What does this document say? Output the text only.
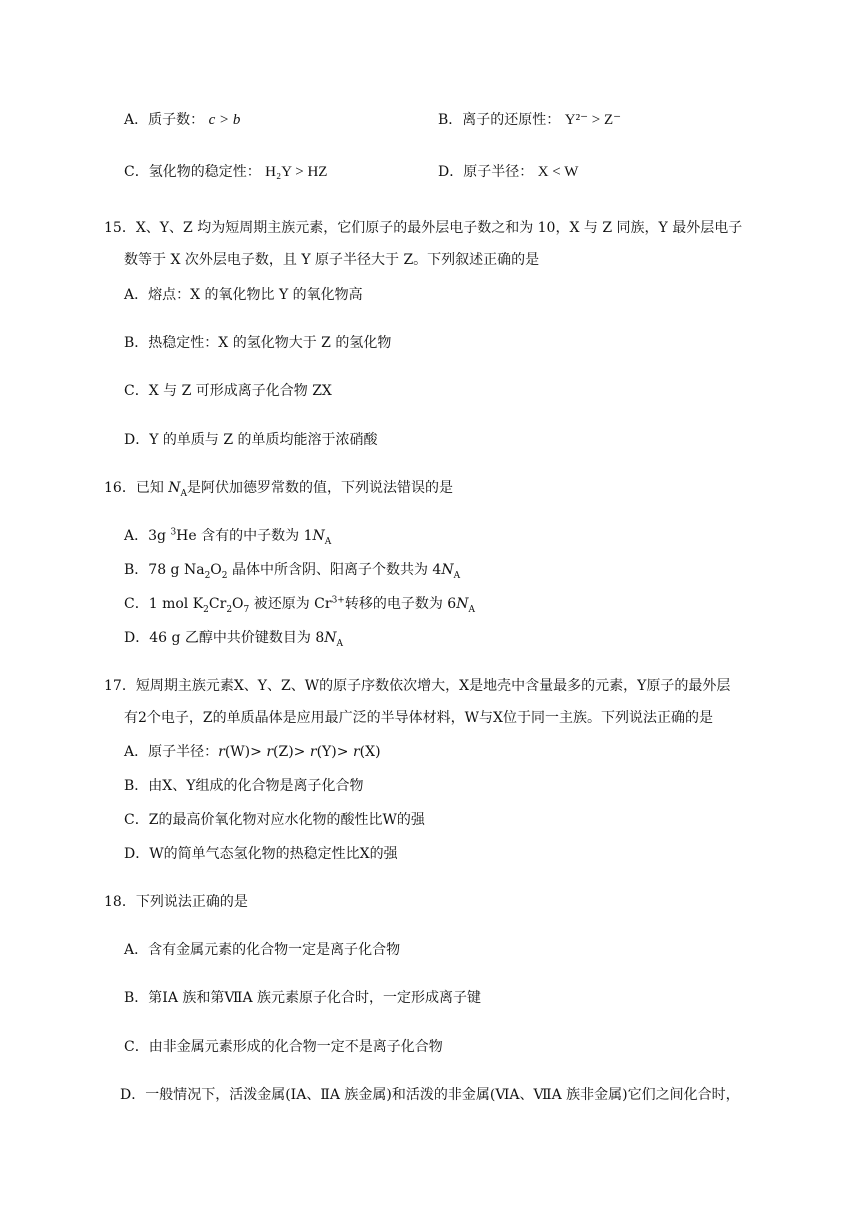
A．质子数： c > b	B．离子的还原性： Y²⁻ > Z⁻
C．氢化物的稳定性： H₂Y > HZ	D．原子半径： X < W
15．X、Y、Z 均为短周期主族元素，它们原子的最外层电子数之和为 10，X 与 Z 同族，Y 最外层电子
数等于 X 次外层电子数，且 Y 原子半径大于 Z。下列叙述正确的是
A．熔点：X 的氧化物比 Y 的氧化物高
B．热稳定性：X 的氢化物大于 Z 的氢化物
C．X 与 Z 可形成离子化合物 ZX
D．Y 的单质与 Z 的单质均能溶于浓硝酸
16．已知 $N_A$是阿伏加德罗常数的值，下列说法错误的是
A．3g $^3$He 含有的中子数为 $1N_A$
B．78 g $Na_2O_2$ 晶体中所含阴、阳离子个数共为 $4N_A$
C．1 mol $K_2Cr_2O_7$ 被还原为 $Cr^{3+}$转移的电子数为 $6N_A$
D．46 g 乙醇中共价键数目为 $8N_A$
17．短周期主族元素X、Y、Z、W的原子序数依次增大，X是地壳中含量最多的元素，Y原子的最外层
有2个电子，Z的单质晶体是应用最广泛的半导体材料，W与X位于同一主族。下列说法正确的是
A．原子半径：r(W)> r(Z)> r(Y)> r(X)
B．由X、Y组成的化合物是离子化合物
C．Z的最高价氧化物对应水化物的酸性比W的强
D．W的简单气态氢化物的热稳定性比X的强
18．下列说法正确的是
A．含有金属元素的化合物一定是离子化合物
B．第ⅠA 族和第ⅦA 族元素原子化合时，一定形成离子键
C．由非金属元素形成的化合物一定不是离子化合物
D．一般情况下，活泼金属(IA、ⅡA 族金属)和活泼的非金属(ⅥA、ⅦA 族非金属)它们之间化合时，
